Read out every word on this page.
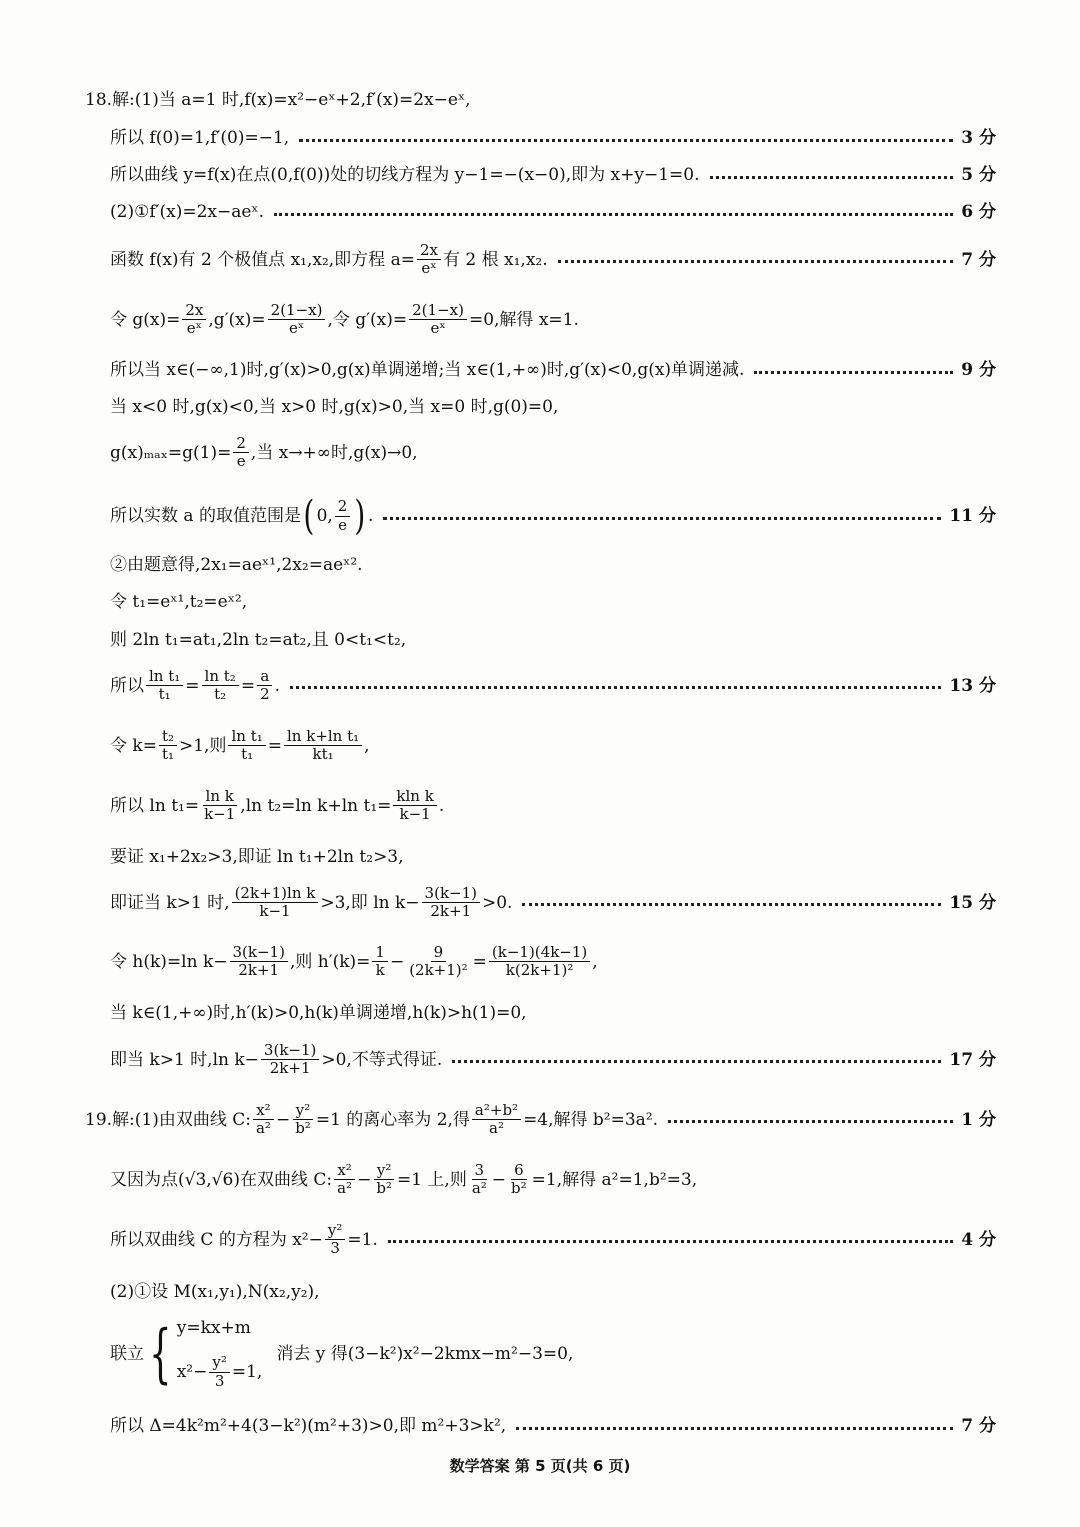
18.解:(1)当 a=1 时,f(x)=x²−eˣ+2,f′(x)=2x−eˣ,
所以 f(0)=1,f′(0)=−1,	3 分
所以曲线 y=f(x)在点(0,f(0))处的切线方程为 y−1=−(x−0),即为 x+y−1=0.	5 分
(2)①f′(x)=2x−aeˣ.	6 分
函数 f(x)有 2 个极值点 x₁,x₂,即方程 $a= \frac{2x}{\text{eˣ}}$ 有 2 根 x₁,x₂.	7 分
令 $g(x)= \frac{2x}{\text{eˣ}} ,g'(x)= \frac{2(1-x)}{\text{eˣ}}$ ,令 $g'(x)= \frac{2(1-x)}{\text{eˣ}} =0$,解得 x=1.
所以当 x∈(−∞,1)时,g′(x)>0,g(x)单调递增;当 x∈(1,+∞)时,g′(x)<0,g(x)单调递减.	9 分
当 x<0 时,g(x)<0,当 x>0 时,g(x)>0,当 x=0 时,g(0)=0,
$g(x)_{max}=g(1)= \frac{2}{e}$ ,当 x→+∞时,g(x)→0,
所以实数 a 的取值范围是 ( 0, $\frac{2}{e}$ ) .	11 分
②由题意得,2x₁=aeˣ¹,2x₂=aeˣ².
令 t₁=eˣ¹,t₂=eˣ²,
则 2ln t₁=at₁,2ln t₂=at₂,且 0<t₁<t₂,
所以 $\frac{\text{ln t₁}}{\text{t₁}} = \frac{\text{ln t₂}}{\text{t₂}} = \frac{a}{2}$ .	13 分
令 $k= \frac{\text{t₂}}{\text{t₁}} >1$,则 $\frac{\text{ln t₁}}{\text{t₁}} = \frac{\text{ln k+ln t₁}}{\text{kt₁}}$ ,
所以 $\ln t_1= \frac{\text{ln k}}{k-1} ,\ln$ t₂=ln k+ln $t_1= \frac{\text{kln k}}{k-1}$ .
要证 x₁+2x₂>3,即证 ln t₁+2ln t₂>3,
即证当 k>1 时, $\frac{\text{(2k+1)ln k}}{k-1} >3$,即 $\ln k- \frac{3(k-1)}{2k+1} >0$.	15 分
令 h(k)=ln $k- \frac{3(k-1)}{2k+1}$ ,则 $h'(k)= \frac{1}{k} - \frac{9}{\text{(2k+1)²}} = \frac{(k-1)(4k-1)}{\text{k(2k+1)²}}$ ,
当 k∈(1,+∞)时,h′(k)>0,h(k)单调递增,h(k)>h(1)=0,
即当 k>1 时,ln $k- \frac{3(k-1)}{2k+1} >0$,不等式得证.	17 分
19.解:(1)由双曲线 C: $\frac{\text{x²}}{\text{a²}} - \frac{\text{y²}}{\text{b²}} =1$ 的离心率为 2,得 $\frac{\text{a²+b²}}{\text{a²}} =4$,解得 b²=3a².	1 分
又因为点(√3,√6)在双曲线 C: $\frac{\text{x²}}{\text{a²}} - \frac{\text{y²}}{\text{b²}} =1$ 上,则 $\frac{3}{\text{a²}} - \frac{6}{\text{b²}} =1$,解得 a²=1,b²=3,
所以双曲线 C 的方程为 $x^2- \frac{\text{y²}}{3} =1$.	4 分
(2)①设 M(x₁,y₁),N(x₂,y₂),
联立 { y=kx+m
$x^2- \frac{\text{y²}}{3} =1$,
消去 y 得(3−k²)x²−2kmx−m²−3=0,
所以 Δ=4k²m²+4(3−k²)(m²+3)>0,即 m²+3>k²,	7 分
数学答案 第 5 页(共 6 页)
